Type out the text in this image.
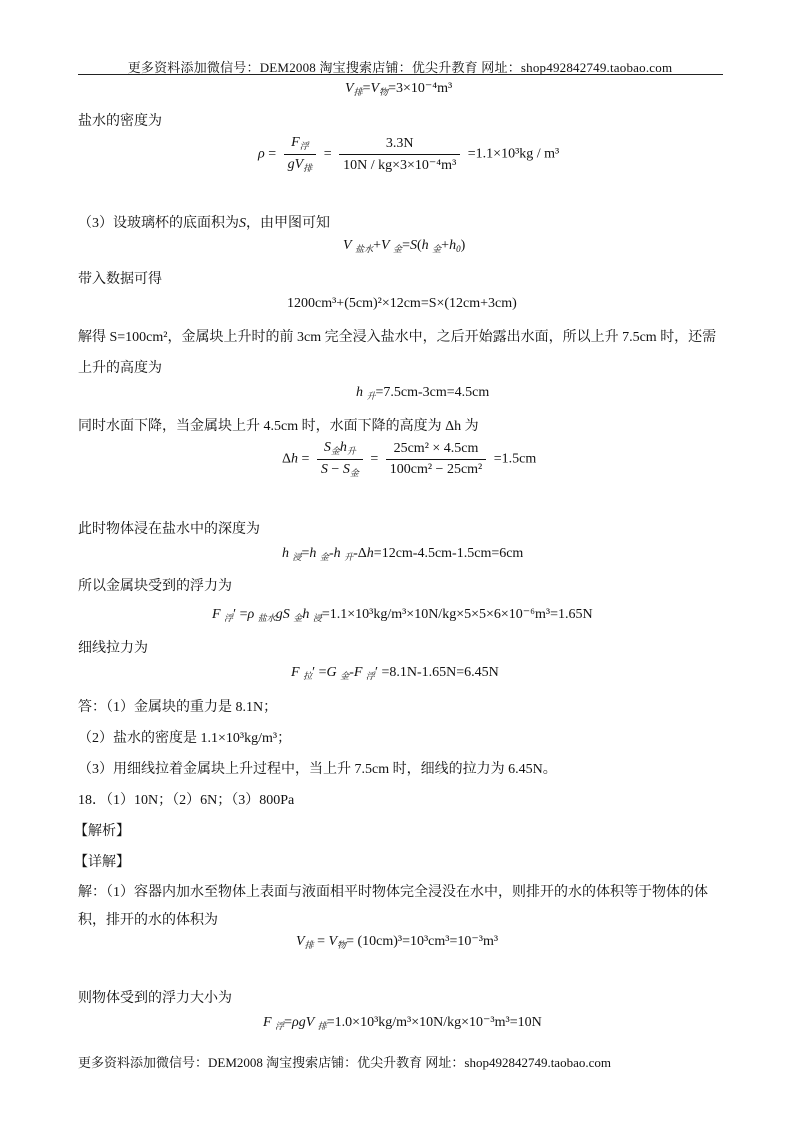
更多资料添加微信号：DEM2008 淘宝搜索店铺：优尖升教育 网址：shop492842749.taobao.com
$V_排=V_物=3\times 10^{-4}m^3$
盐水的密度为
$\rho = \frac{F_浮}{gV_排} = \frac{3.3N}{\text{10N / kg×3×10⁻⁴m³}} =1.1\times 10^3kg / m^3$
（3）设玻璃杯的底面积为S，由甲图可知
V $_{盐水}$+V $_金$=S(h $_金+h_0$)
带入数据可得
1200cm³+(5cm)²×12cm=S×(12cm+3cm)
解得 S=100cm²，金属块上升时的前 3cm 完全浸入盐水中，之后开始露出水面，所以上升 7.5cm 时，还需
上升的高度为
h $_升$=7.5cm-3cm=4.5cm
同时水面下降，当金属块上升 4.5cm 时，水面下降的高度为 Δh 为
$\Delta h = \frac{S_金h_升}{S - S_金} = \frac{\text{25cm² × 4.5cm}}{\text{100cm² − 25cm²}} =1.5cm$
此时物体浸在盐水中的深度为
h $_浸$=h $_金$-h $_升$-Δh=12cm-4.5cm-1.5cm=6cm
所以金属块受到的浮力为
F $_浮$′ =ρ $_{盐水}$gS $_金$h $_浸$=1.1×10³kg/m³×10N/kg×5×5×6×10⁻⁶m³=1.65N
细线拉力为
F $_拉$′ =G $_金$-F $_浮$′ =8.1N-1.65N=6.45N
答：（1）金属块的重力是 8.1N；
（2）盐水的密度是 1.1×10³kg/m³；
（3）用细线拉着金属块上升过程中，当上升 7.5cm 时，细线的拉力为 6.45N。
18．（1）10N；（2）6N；（3）800Pa
【解析】
【详解】
解：（1）容器内加水至物体上表面与液面相平时物体完全浸没在水中，则排开的水的体积等于物体的体
积，排开的水的体积为
$V_排 = V_物= (10cm)^3=10^3cm^3=10^{-3}m^3$
则物体受到的浮力大小为
F $_浮$=ρgV $_排$=1.0×10³kg/m³×10N/kg×10⁻³m³=10N
更多资料添加微信号：DEM2008 淘宝搜索店铺：优尖升教育 网址：shop492842749.taobao.com
